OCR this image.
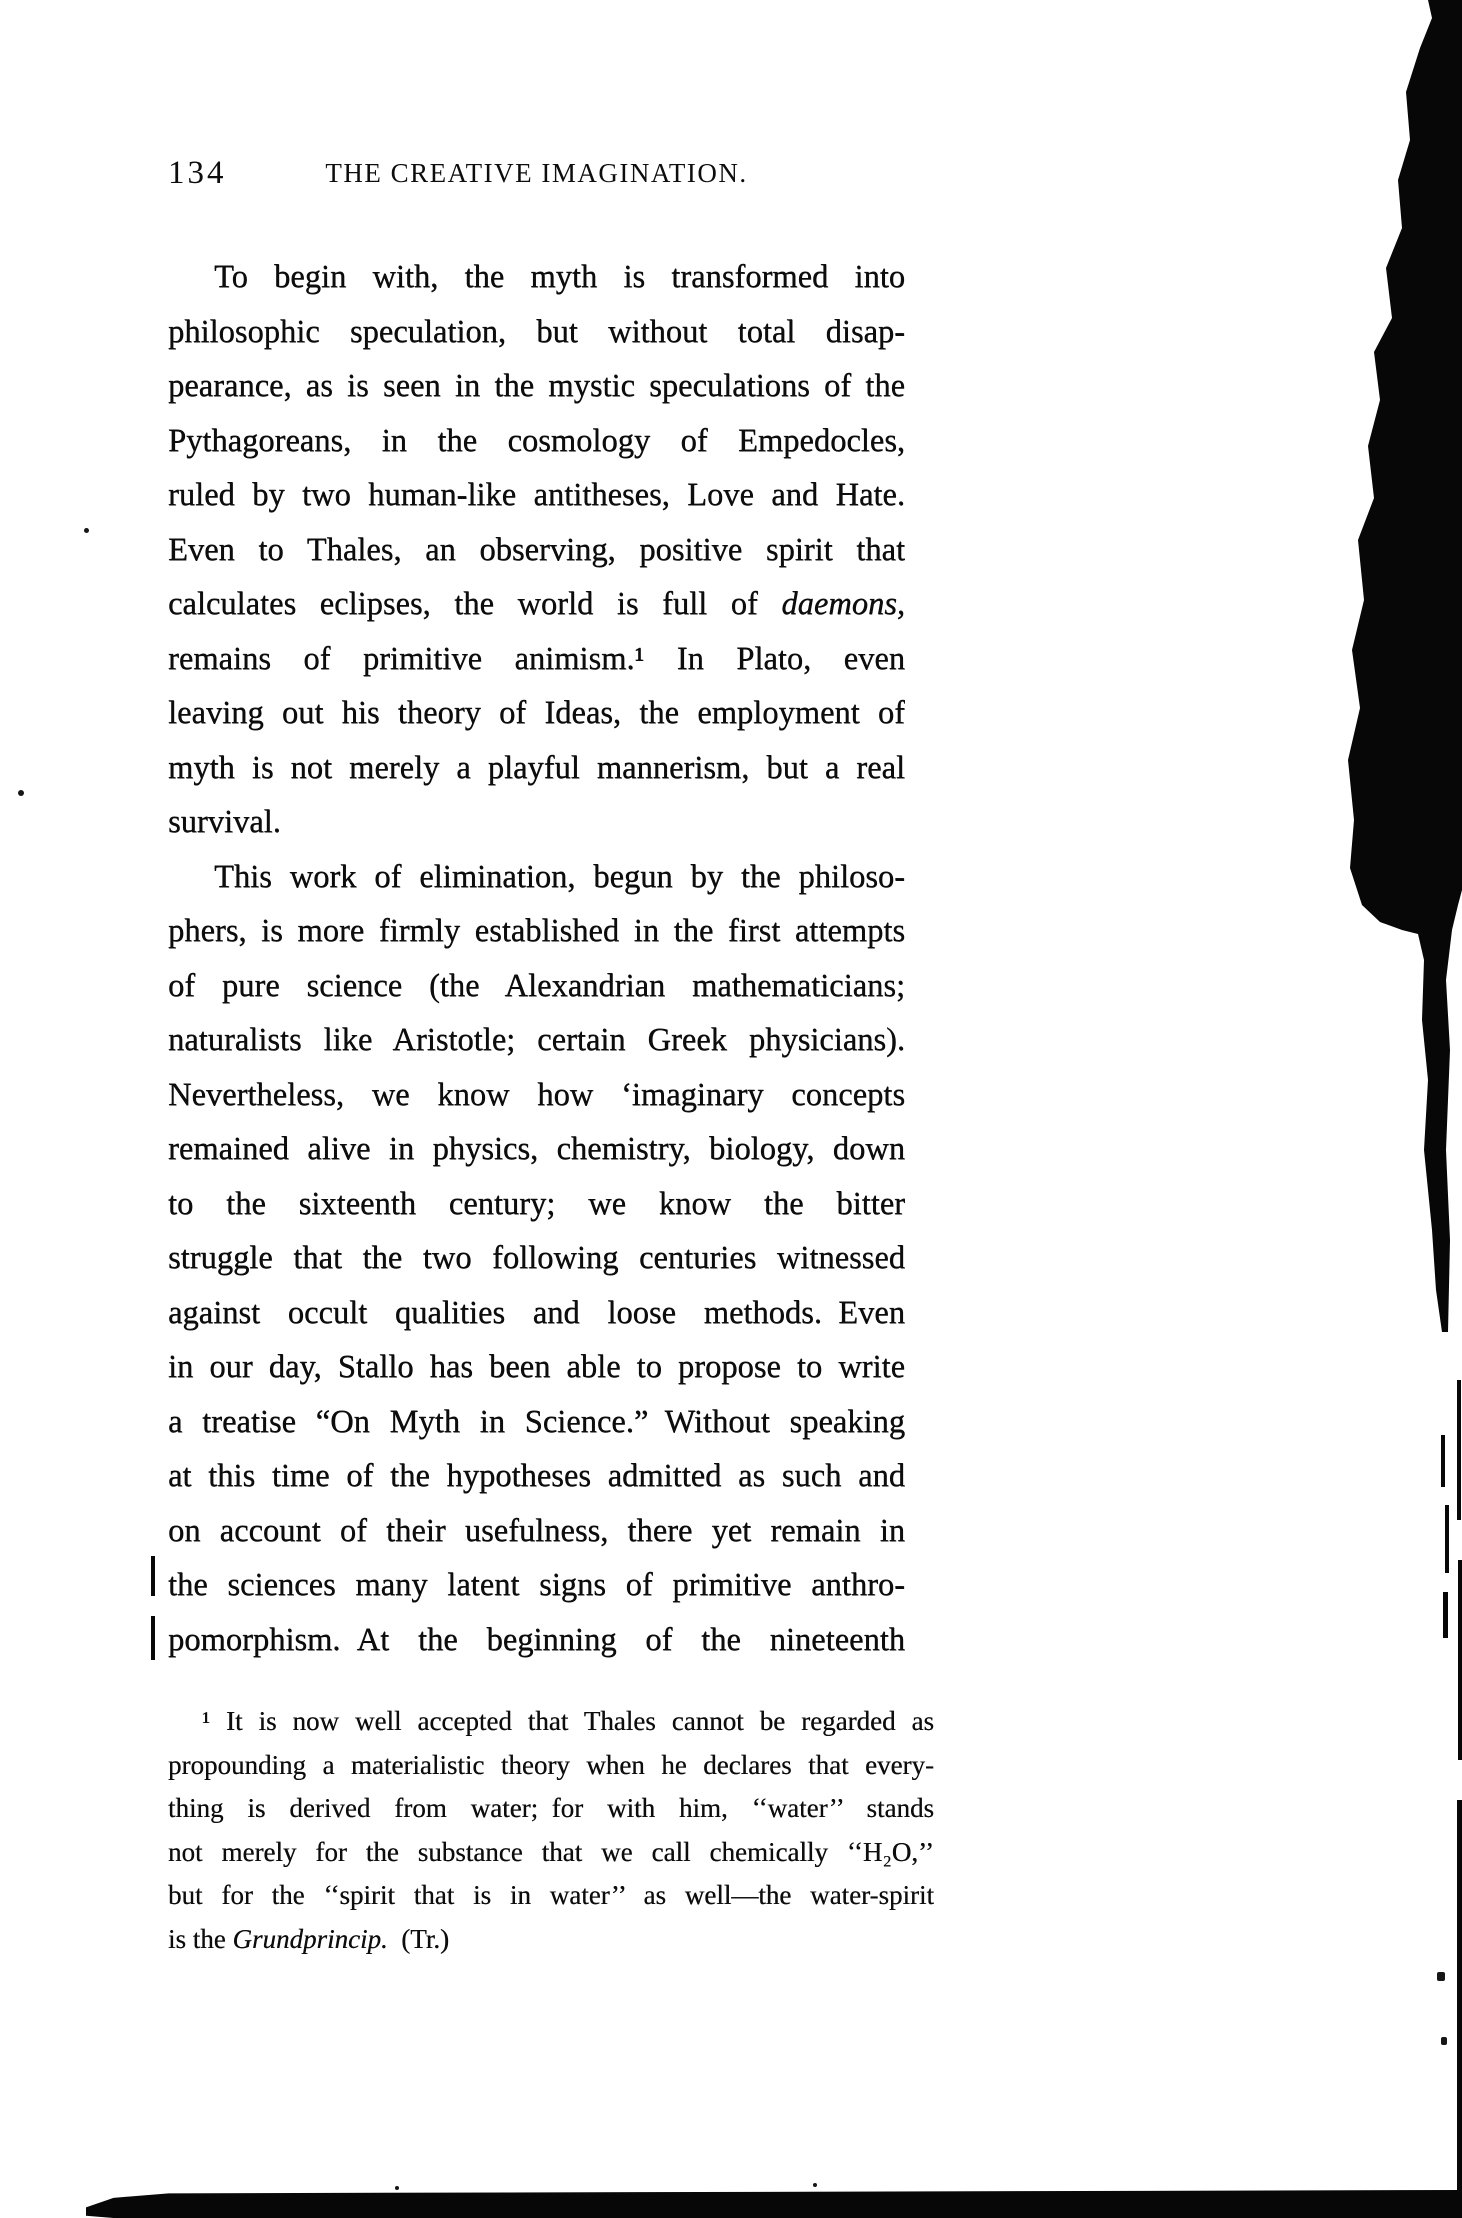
134	THE CREATIVE IMAGINATION.
To begin with, the myth is transformed into
philosophic speculation, but without total disap-
pearance, as is seen in the mystic speculations of the
Pythagoreans, in the cosmology of Empedocles,
ruled by two human-like antitheses, Love and Hate.
Even to Thales, an observing, positive spirit that
calculates eclipses, the world is full of daemons,
remains of primitive animism.¹ In Plato, even
leaving out his theory of Ideas, the employment of
myth is not merely a playful mannerism, but a real
survival.
This work of elimination, begun by the philoso-
phers, is more firmly established in the first attempts
of pure science (the Alexandrian mathematicians;
naturalists like Aristotle; certain Greek physicians).
Nevertheless, we know how ‘imaginary concepts
remained alive in physics, chemistry, biology, down
to the sixteenth century; we know the bitter
struggle that the two following centuries witnessed
against occult qualities and loose methods. Even
in our day, Stallo has been able to propose to write
a treatise “On Myth in Science.” Without speaking
at this time of the hypotheses admitted as such and
on account of their usefulness, there yet remain in
the sciences many latent signs of primitive anthro-
pomorphism. At the beginning of the nineteenth
¹ It is now well accepted that Thales cannot be regarded as
propounding a materialistic theory when he declares that every-
thing is derived from water; for with him, ‘‘water’’ stands
not merely for the substance that we call chemically ‘‘H₂O,’’
but for the ‘‘spirit that is in water’’ as well—the water-spirit
is the Grundprincip. (Tr.)
